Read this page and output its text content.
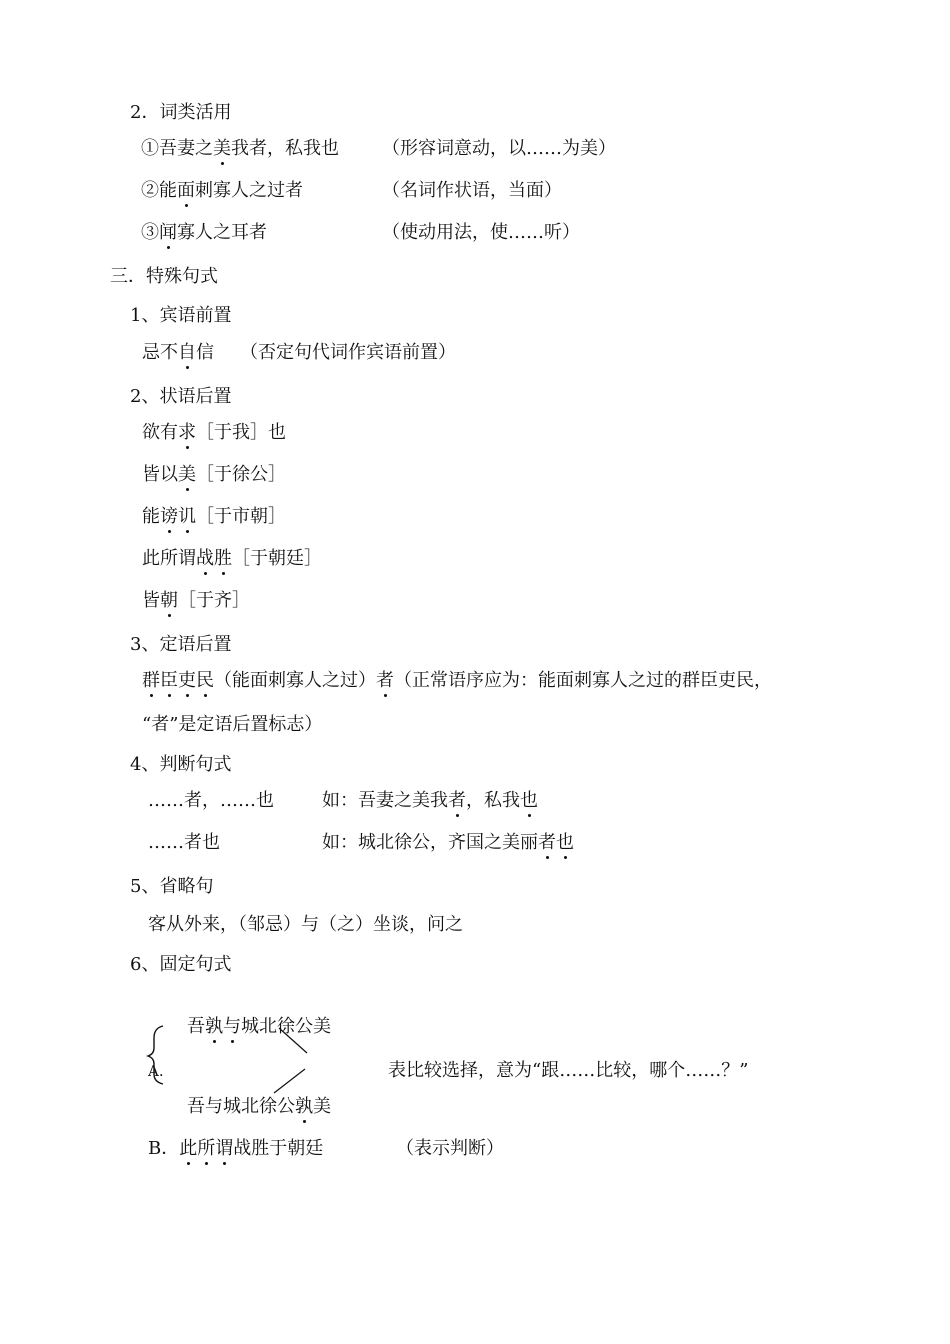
2．词类活用
①吾妻之美我者，私我也 （形容词意动，以……为美）
②能面刺寡人之过者	（名词作状语，当面）
③闻寡人之耳者	（使动用法，使……听）
三．特殊句式
1、宾语前置
忌不自信 （否定句代词作宾语前置）
2、状语后置
欲有求［于我］也
皆以美［于徐公］
能谤讥［于市朝］
此所谓战胜［于朝廷］
皆朝［于齐］
3、定语后置
群臣吏民（能面刺寡人之过）者（正常语序应为：能面刺寡人之过的群臣吏民，
“者”是定语后置标志）
4、判断句式
……者，……也	如：吾妻之美我者，私我也
……者也	如：城北徐公，齐国之美丽者也
5、省略句
客从外来，（邹忌）与（之）坐谈，问之
6、固定句式
吾孰与城北徐公美
A.	表比较选择，意为“跟……比较，哪个……？”
吾与城北徐公孰美
B．此所谓战胜于朝廷	（表示判断）
